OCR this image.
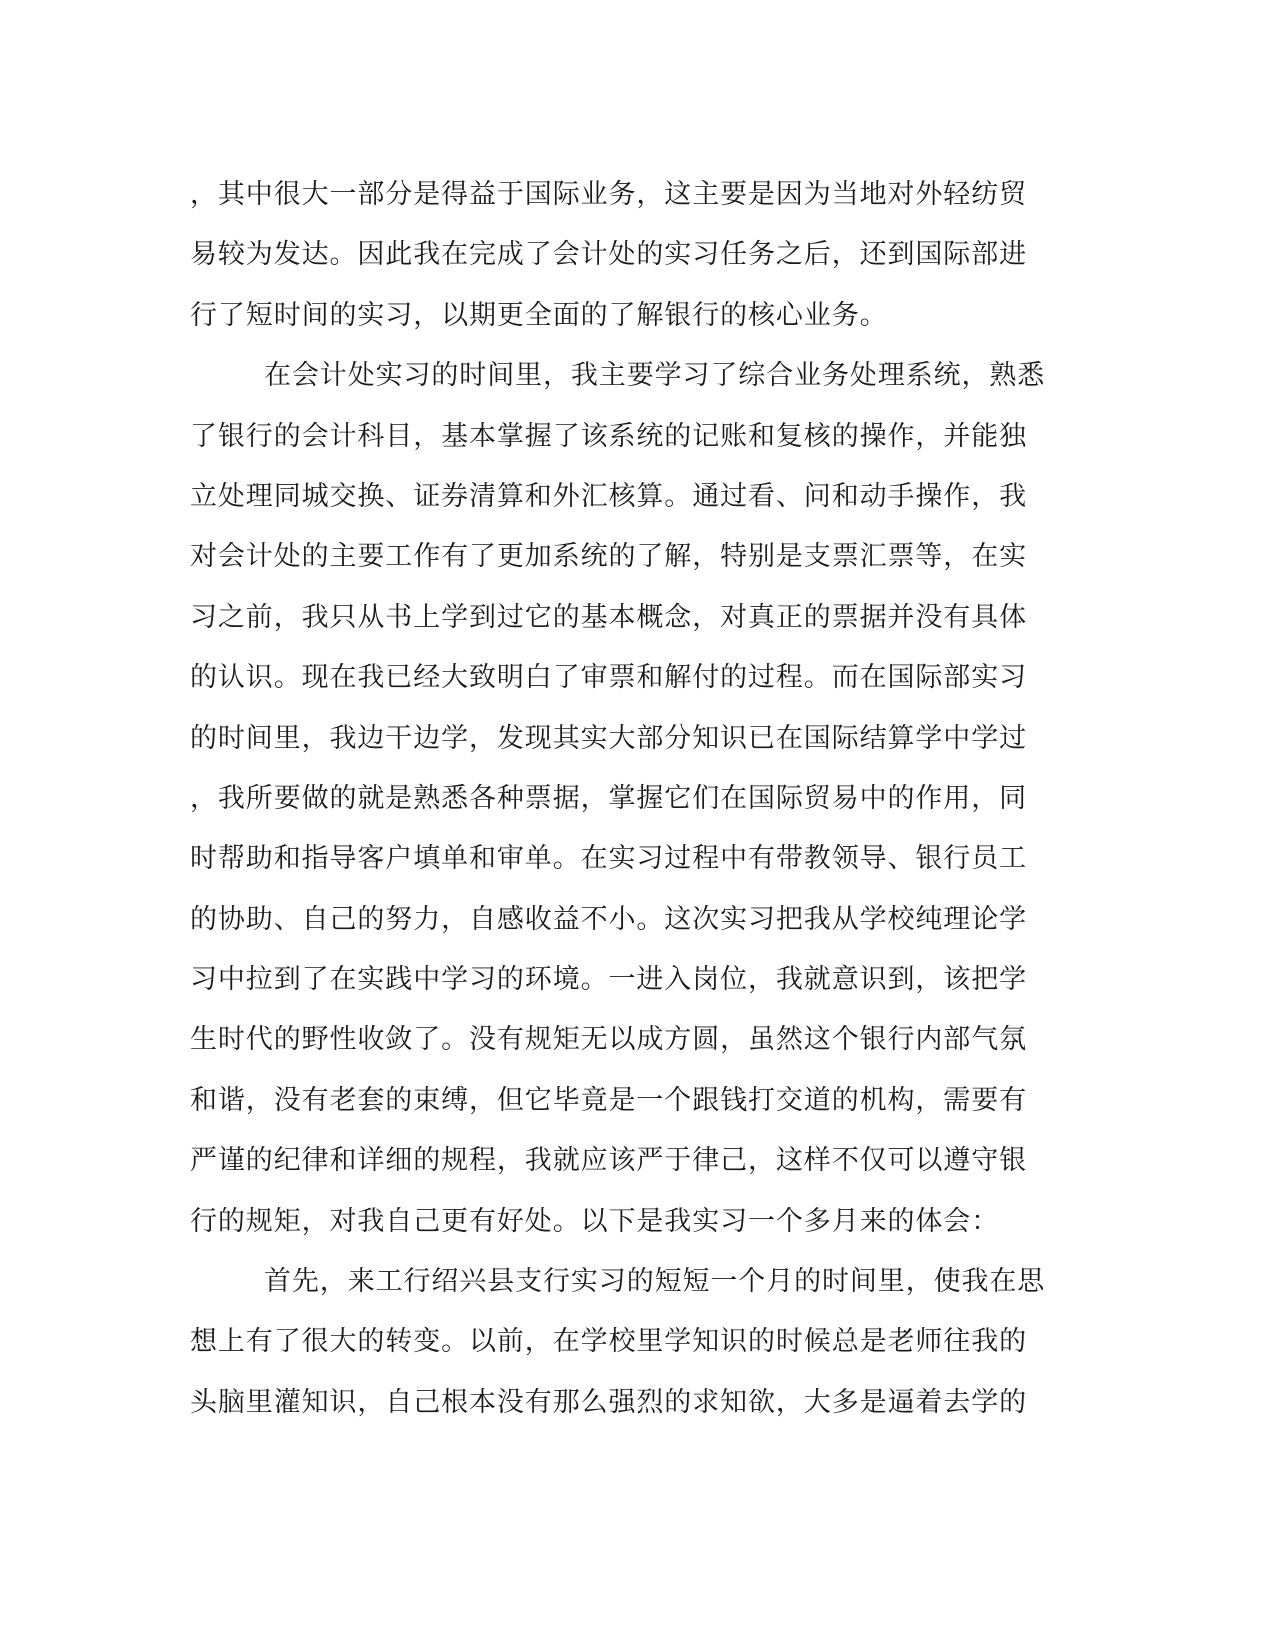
，其中很大一部分是得益于国际业务，这主要是因为当地对外轻纺贸
易较为发达。因此我在完成了会计处的实习任务之后，还到国际部进
行了短时间的实习，以期更全面的了解银行的核心业务。
在会计处实习的时间里，我主要学习了综合业务处理系统，熟悉
了银行的会计科目，基本掌握了该系统的记账和复核的操作，并能独
立处理同城交换、证券清算和外汇核算。通过看、问和动手操作，我
对会计处的主要工作有了更加系统的了解，特别是支票汇票等，在实
习之前，我只从书上学到过它的基本概念，对真正的票据并没有具体
的认识。现在我已经大致明白了审票和解付的过程。而在国际部实习
的时间里，我边干边学，发现其实大部分知识已在国际结算学中学过
，我所要做的就是熟悉各种票据，掌握它们在国际贸易中的作用，同
时帮助和指导客户填单和审单。在实习过程中有带教领导、银行员工
的协助、自己的努力，自感收益不小。这次实习把我从学校纯理论学
习中拉到了在实践中学习的环境。一进入岗位，我就意识到，该把学
生时代的野性收敛了。没有规矩无以成方圆，虽然这个银行内部气氛
和谐，没有老套的束缚，但它毕竟是一个跟钱打交道的机构，需要有
严谨的纪律和详细的规程，我就应该严于律己，这样不仅可以遵守银
行的规矩，对我自己更有好处。以下是我实习一个多月来的体会：
首先，来工行绍兴县支行实习的短短一个月的时间里，使我在思
想上有了很大的转变。以前，在学校里学知识的时候总是老师往我的
头脑里灌知识，自己根本没有那么强烈的求知欲，大多是逼着去学的
